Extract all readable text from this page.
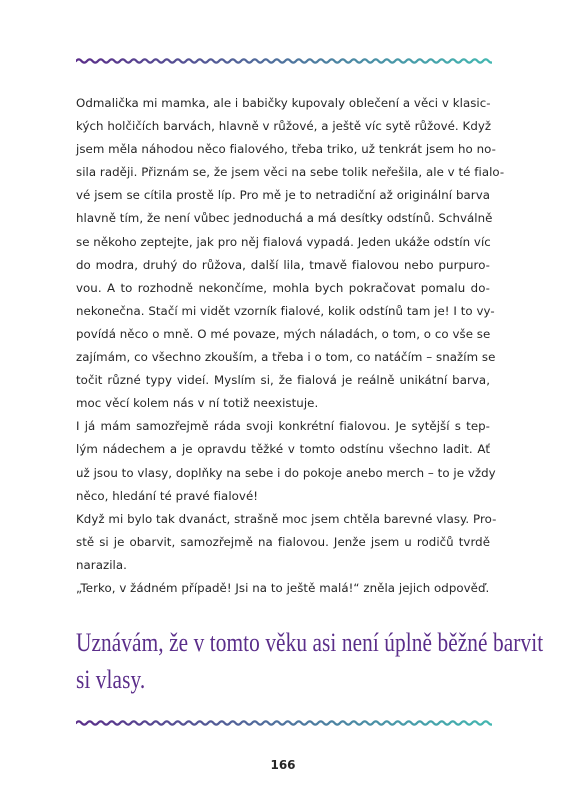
Odmalička mi mamka, ale i babičky kupovaly oblečení a věci v klasic-
kých holčičích barvách, hlavně v růžové, a ještě víc sytě růžové. Když
jsem měla náhodou něco fialového, třeba triko, už tenkrát jsem ho no-
sila raději. Přiznám se, že jsem věci na sebe tolik neřešila, ale v té fialo-
vé jsem se cítila prostě líp. Pro mě je to netradiční až originální barva
hlavně tím, že není vůbec jednoduchá a má desítky odstínů. Schválně
se někoho zeptejte, jak pro něj fialová vypadá. Jeden ukáže odstín víc
do modra, druhý do růžova, další lila, tmavě fialovou nebo purpuro-
vou. A to rozhodně nekončíme, mohla bych pokračovat pomalu do-
nekonečna. Stačí mi vidět vzorník fialové, kolik odstínů tam je! I to vy-
povídá něco o mně. O mé povaze, mých náladách, o tom, o co vše se
zajímám, co všechno zkouším, a třeba i o tom, co natáčím – snažím se
točit různé typy videí. Myslím si, že fialová je reálně unikátní barva,
moc věcí kolem nás v ní totiž neexistuje.

I já mám samozřejmě ráda svoji konkrétní fialovou. Je sytější s tep-
lým nádechem a je opravdu těžké v tomto odstínu všechno ladit. Ať
už jsou to vlasy, doplňky na sebe i do pokoje anebo merch – to je vždy
něco, hledání té pravé fialové!

Když mi bylo tak dvanáct, strašně moc jsem chtěla barevné vlasy. Pro-
stě si je obarvit, samozřejmě na fialovou. Jenže jsem u rodičů tvrdě
narazila.

„Terko, v žádném případě! Jsi na to ještě malá!“ zněla jejich odpověď.

Uznávám, že v tomto věku asi není úplně běžné barvit
si vlasy.
166
